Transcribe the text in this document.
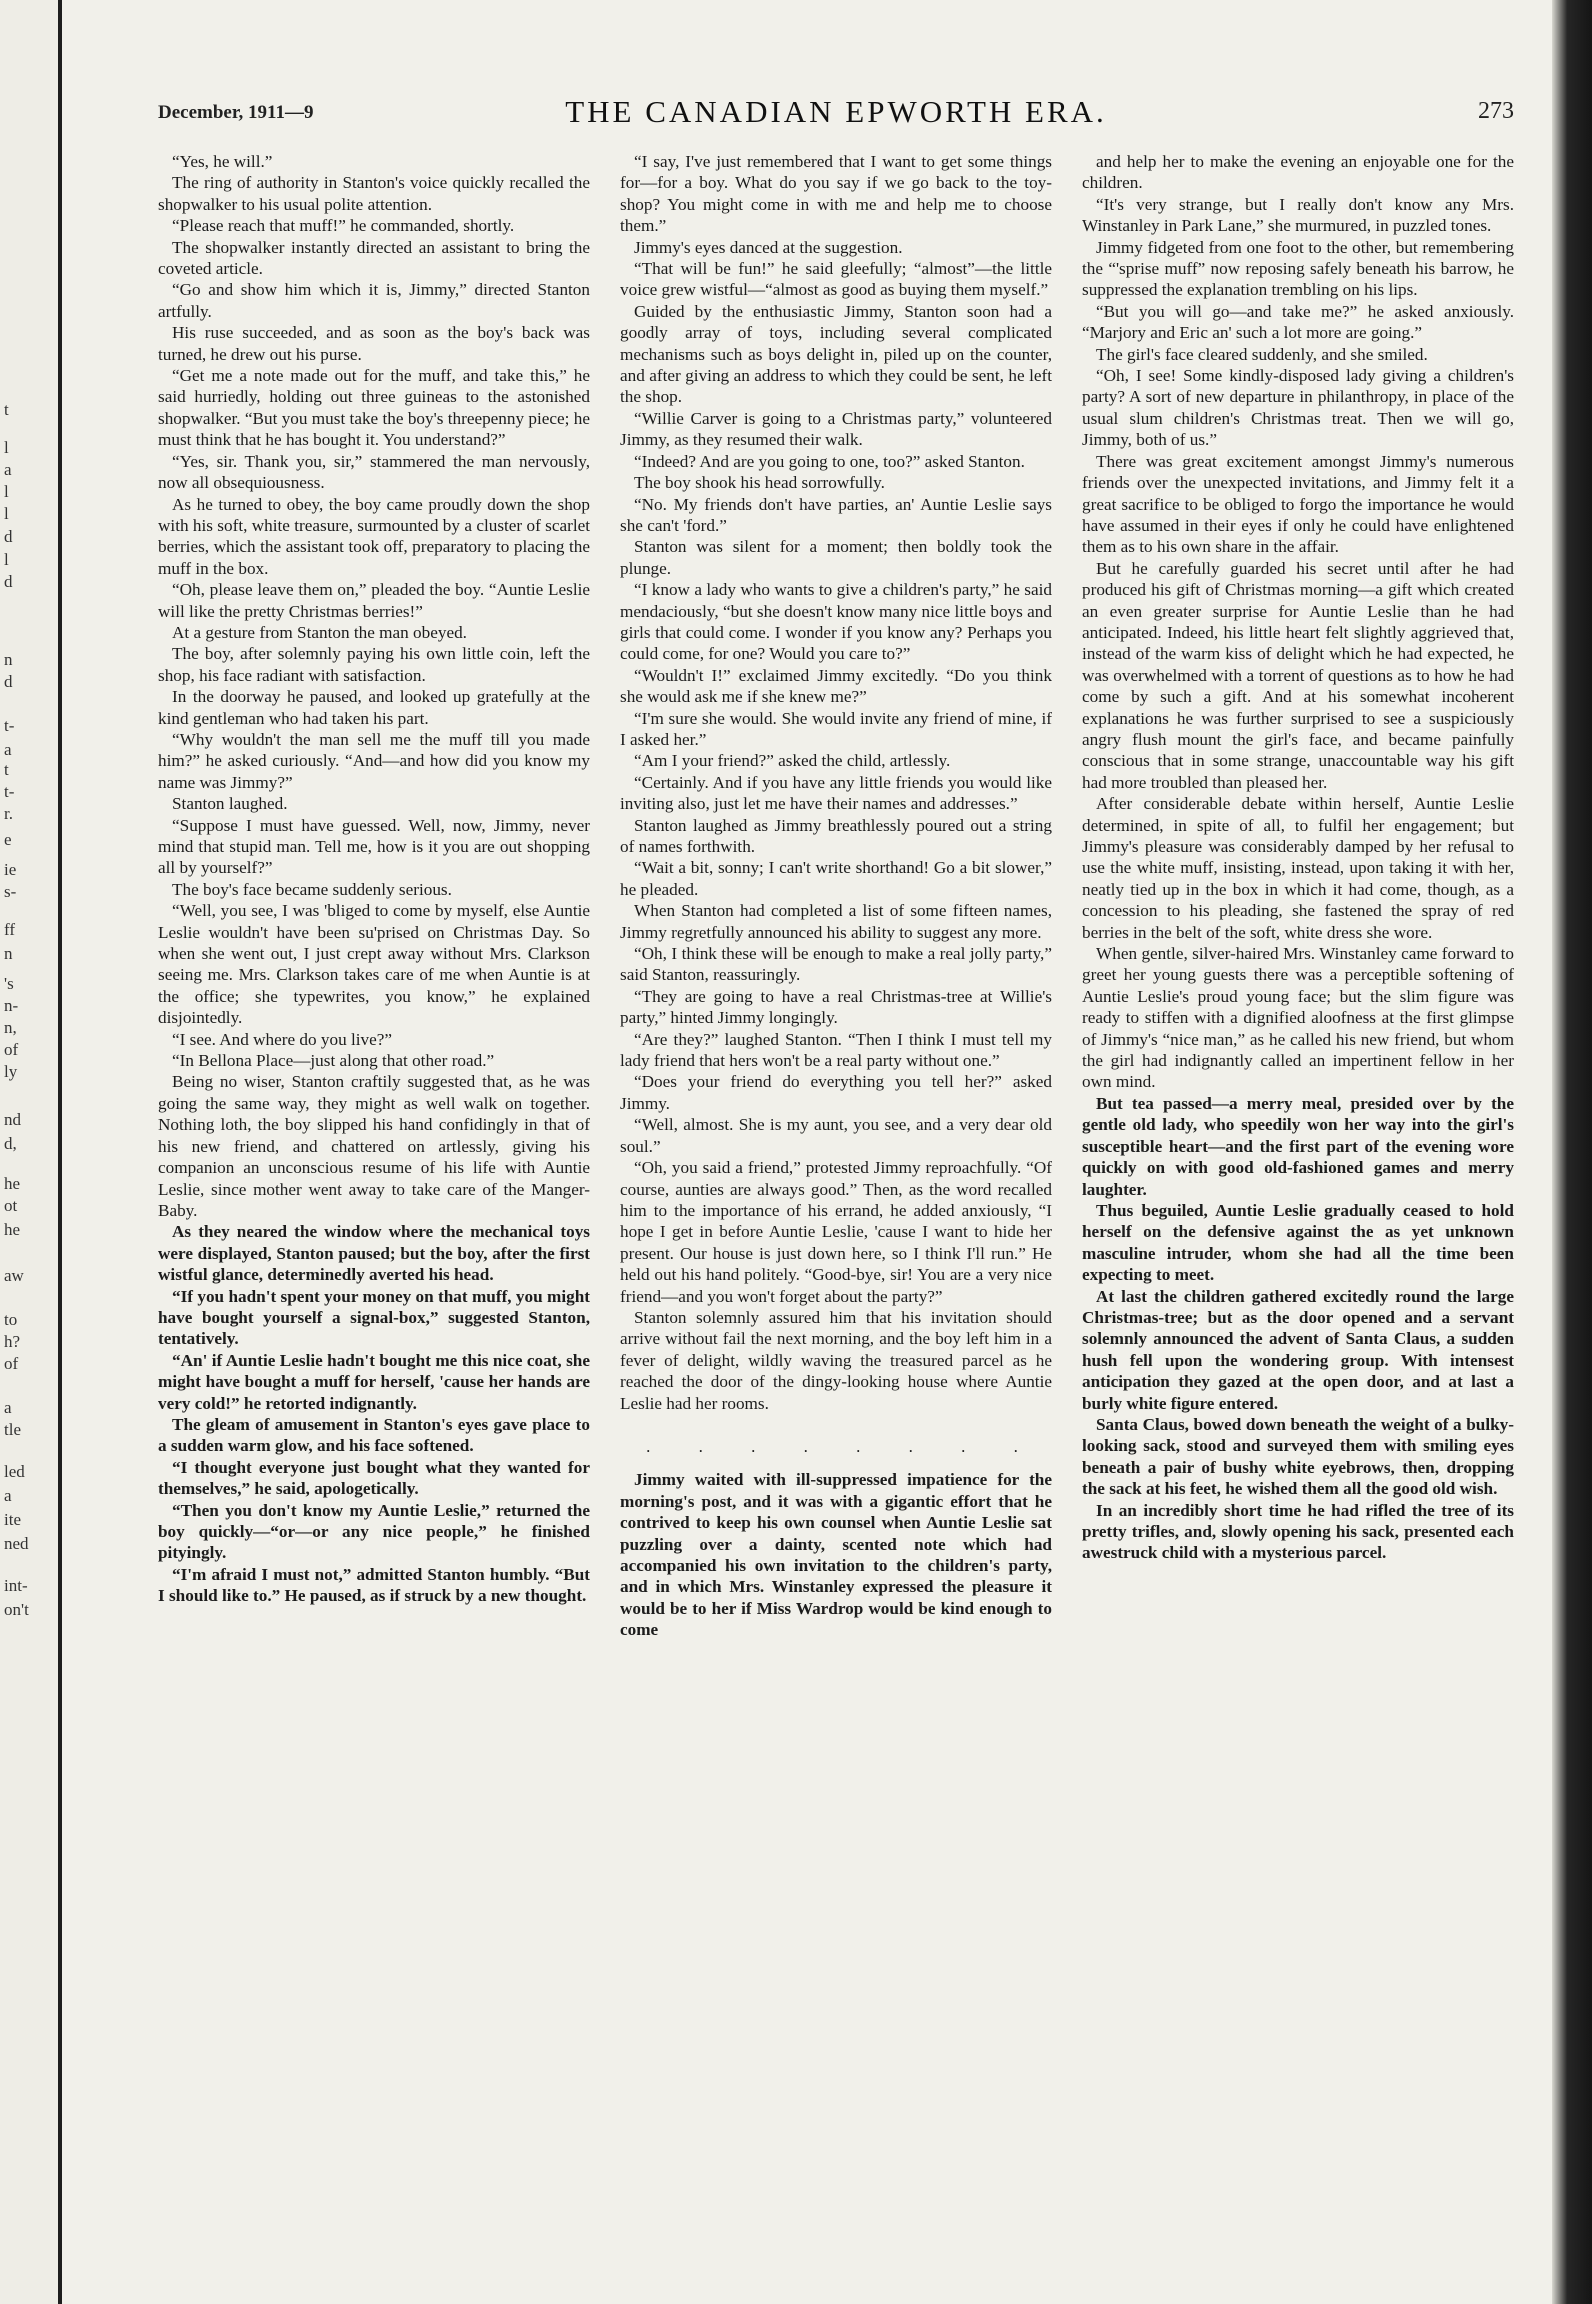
t
l
a
l
l
d
l
d
n
d
t-
a
t
t-
r.
e
ie
s-
ff
n
's
n-
n,
of
ly
nd
d,
he
ot
he
aw
to
h?
of
a
tle
led
a
ite
ned
int-
on't
December, 1911—9	THE CANADIAN EPWORTH ERA.	273

“Yes, he will.”

The ring of authority in Stanton's voice quickly recalled the shopwalker to his usual polite attention.

“Please reach that muff!” he commanded, shortly.

The shopwalker instantly directed an assistant to bring the coveted article.

“Go and show him which it is, Jimmy,” directed Stanton artfully.

His ruse succeeded, and as soon as the boy's back was turned, he drew out his purse.

“Get me a note made out for the muff, and take this,” he said hurriedly, holding out three guineas to the astonished shopwalker. “But you must take the boy's threepenny piece; he must think that he has bought it. You understand?”

“Yes, sir. Thank you, sir,” stammered the man nervously, now all obsequiousness.

As he turned to obey, the boy came proudly down the shop with his soft, white treasure, surmounted by a cluster of scarlet berries, which the assistant took off, preparatory to placing the muff in the box.

“Oh, please leave them on,” pleaded the boy. “Auntie Leslie will like the pretty Christmas berries!”

At a gesture from Stanton the man obeyed.

The boy, after solemnly paying his own little coin, left the shop, his face radiant with satisfaction.

In the doorway he paused, and looked up gratefully at the kind gentleman who had taken his part.

“Why wouldn't the man sell me the muff till you made him?” he asked curiously. “And—and how did you know my name was Jimmy?”

Stanton laughed.

“Suppose I must have guessed. Well, now, Jimmy, never mind that stupid man. Tell me, how is it you are out shopping all by yourself?”

The boy's face became suddenly serious.

“Well, you see, I was 'bliged to come by myself, else Auntie Leslie wouldn't have been su'prised on Christmas Day. So when she went out, I just crept away without Mrs. Clarkson seeing me. Mrs. Clarkson takes care of me when Auntie is at the office; she typewrites, you know,” he explained disjointedly.

“I see. And where do you live?”

“In Bellona Place—just along that other road.”

Being no wiser, Stanton craftily suggested that, as he was going the same way, they might as well walk on together. Nothing loth, the boy slipped his hand confidingly in that of his new friend, and chattered on artlessly, giving his companion an unconscious resume of his life with Auntie Leslie, since mother went away to take care of the Manger-Baby.

As they neared the window where the mechanical toys were displayed, Stanton paused; but the boy, after the first wistful glance, determinedly averted his head.

“If you hadn't spent your money on that muff, you might have bought yourself a signal-box,” suggested Stanton, tentatively.

“An' if Auntie Leslie hadn't bought me this nice coat, she might have bought a muff for herself, 'cause her hands are very cold!” he retorted indignantly.

The gleam of amusement in Stanton's eyes gave place to a sudden warm glow, and his face softened.

“I thought everyone just bought what they wanted for themselves,” he said, apologetically.

“Then you don't know my Auntie Leslie,” returned the boy quickly—“or—or any nice people,” he finished pityingly.

“I'm afraid I must not,” admitted Stanton humbly. “But I should like to.” He paused, as if struck by a new thought.

“I say, I've just remembered that I want to get some things for—for a boy. What do you say if we go back to the toy-shop? You might come in with me and help me to choose them.”

Jimmy's eyes danced at the suggestion.

“That will be fun!” he said gleefully; “almost”—the little voice grew wistful—“almost as good as buying them myself.”

Guided by the enthusiastic Jimmy, Stanton soon had a goodly array of toys, including several complicated mechanisms such as boys delight in, piled up on the counter, and after giving an address to which they could be sent, he left the shop.

“Willie Carver is going to a Christmas party,” volunteered Jimmy, as they resumed their walk.

“Indeed? And are you going to one, too?” asked Stanton.

The boy shook his head sorrowfully.

“No. My friends don't have parties, an' Auntie Leslie says she can't 'ford.”

Stanton was silent for a moment; then boldly took the plunge.

“I know a lady who wants to give a children's party,” he said mendaciously, “but she doesn't know many nice little boys and girls that could come. I wonder if you know any? Perhaps you could come, for one? Would you care to?”

“Wouldn't I!” exclaimed Jimmy excitedly. “Do you think she would ask me if she knew me?”

“I'm sure she would. She would invite any friend of mine, if I asked her.”

“Am I your friend?” asked the child, artlessly.

“Certainly. And if you have any little friends you would like inviting also, just let me have their names and addresses.”

Stanton laughed as Jimmy breathlessly poured out a string of names forthwith.

“Wait a bit, sonny; I can't write shorthand! Go a bit slower,” he pleaded.

When Stanton had completed a list of some fifteen names, Jimmy regretfully announced his ability to suggest any more.

“Oh, I think these will be enough to make a real jolly party,” said Stanton, reassuringly.

“They are going to have a real Christmas-tree at Willie's party,” hinted Jimmy longingly.

“Are they?” laughed Stanton. “Then I think I must tell my lady friend that hers won't be a real party without one.”

“Does your friend do everything you tell her?” asked Jimmy.

“Well, almost. She is my aunt, you see, and a very dear old soul.”

“Oh, you said a friend,” protested Jimmy reproachfully. “Of course, aunties are always good.” Then, as the word recalled him to the importance of his errand, he added anxiously, “I hope I get in before Auntie Leslie, 'cause I want to hide her present. Our house is just down here, so I think I'll run.” He held out his hand politely. “Good-bye, sir! You are a very nice friend—and you won't forget about the party?”

Stanton solemnly assured him that his invitation should arrive without fail the next morning, and the boy left him in a fever of delight, wildly waving the treasured parcel as he reached the door of the dingy-looking house where Auntie Leslie had her rooms.

. . . . . . . .

Jimmy waited with ill-suppressed impatience for the morning's post, and it was with a gigantic effort that he contrived to keep his own counsel when Auntie Leslie sat puzzling over a dainty, scented note which had accompanied his own invitation to the children's party, and in which Mrs. Winstanley expressed the pleasure it would be to her if Miss Wardrop would be kind enough to come

and help her to make the evening an enjoyable one for the children.

“It's very strange, but I really don't know any Mrs. Winstanley in Park Lane,” she murmured, in puzzled tones.

Jimmy fidgeted from one foot to the other, but remembering the “'sprise muff” now reposing safely beneath his barrow, he suppressed the explanation trembling on his lips.

“But you will go—and take me?” he asked anxiously. “Marjory and Eric an' such a lot more are going.”

The girl's face cleared suddenly, and she smiled.

“Oh, I see! Some kindly-disposed lady giving a children's party? A sort of new departure in philanthropy, in place of the usual slum children's Christmas treat. Then we will go, Jimmy, both of us.”

There was great excitement amongst Jimmy's numerous friends over the unexpected invitations, and Jimmy felt it a great sacrifice to be obliged to forgo the importance he would have assumed in their eyes if only he could have enlightened them as to his own share in the affair.

But he carefully guarded his secret until after he had produced his gift of Christmas morning—a gift which created an even greater surprise for Auntie Leslie than he had anticipated. Indeed, his little heart felt slightly aggrieved that, instead of the warm kiss of delight which he had expected, he was overwhelmed with a torrent of questions as to how he had come by such a gift. And at his somewhat incoherent explanations he was further surprised to see a suspiciously angry flush mount the girl's face, and became painfully conscious that in some strange, unaccountable way his gift had more troubled than pleased her.

After considerable debate within herself, Auntie Leslie determined, in spite of all, to fulfil her engagement; but Jimmy's pleasure was considerably damped by her refusal to use the white muff, insisting, instead, upon taking it with her, neatly tied up in the box in which it had come, though, as a concession to his pleading, she fastened the spray of red berries in the belt of the soft, white dress she wore.

When gentle, silver-haired Mrs. Winstanley came forward to greet her young guests there was a perceptible softening of Auntie Leslie's proud young face; but the slim figure was ready to stiffen with a dignified aloofness at the first glimpse of Jimmy's “nice man,” as he called his new friend, but whom the girl had indignantly called an impertinent fellow in her own mind.

But tea passed—a merry meal, presided over by the gentle old lady, who speedily won her way into the girl's susceptible heart—and the first part of the evening wore quickly on with good old-fashioned games and merry laughter.

Thus beguiled, Auntie Leslie gradually ceased to hold herself on the defensive against the as yet unknown masculine intruder, whom she had all the time been expecting to meet.

At last the children gathered excitedly round the large Christmas-tree; but as the door opened and a servant solemnly announced the advent of Santa Claus, a sudden hush fell upon the wondering group. With intensest anticipation they gazed at the open door, and at last a burly white figure entered.

Santa Claus, bowed down beneath the weight of a bulky-looking sack, stood and surveyed them with smiling eyes beneath a pair of bushy white eyebrows, then, dropping the sack at his feet, he wished them all the good old wish.

In an incredibly short time he had rifled the tree of its pretty trifles, and, slowly opening his sack, presented each awestruck child with a mysterious parcel.
